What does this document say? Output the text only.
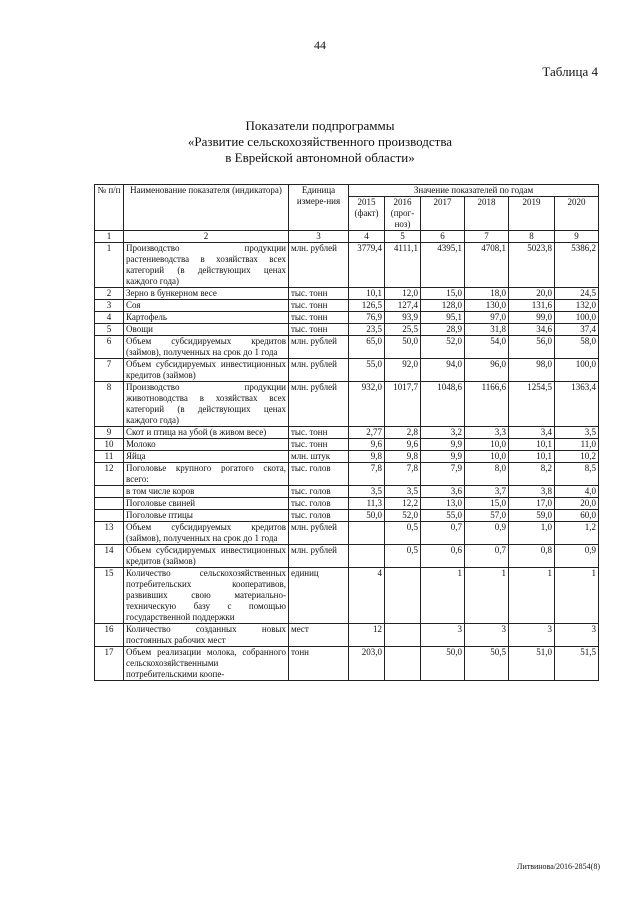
44
Таблица 4
Показатели подпрограммы
«Развитие сельскохозяйственного производства
в Еврейской автономной области»
№ п/п	Наименование показателя (индикатора)	Единица измере-ния	Значение показателей по годам					
			2015 (факт)	2016 (прог-ноз)	2017	2018	2019	2020
1	2	3	4	5	6	7	8	9
1	Производство продукции растениеводства в хозяйствах всех категорий (в действующих ценах каждого года)	млн. рублей	3779,4	4111,1	4395,1	4708,1	5023,8	5386,2
2	Зерно в бункерном весе	тыс. тонн	10,1	12,0	15,0	18,0	20,0	24,5
3	Соя	тыс. тонн	126,5	127,4	128,0	130,0	131,6	132,0
4	Картофель	тыс. тонн	76,9	93,9	95,1	97,0	99,0	100,0
5	Овощи	тыс. тонн	23,5	25,5	28,9	31,8	34,6	37,4
6	Объем субсидируемых кредитов (займов), полученных на срок до 1 года	млн. рублей	65,0	50,0	52,0	54,0	56,0	58,0
7	Объем субсидируемых инвестиционных кредитов (займов)	млн. рублей	55,0	92,0	94,0	96,0	98,0	100,0
8	Производство продукции животноводства в хозяйствах всех категорий (в действующих ценах каждого года)	млн. рублей	932,0	1017,7	1048,6	1166,6	1254,5	1363,4
9	Скот и птица на убой (в живом весе)	тыс. тонн	2,77	2,8	3,2	3,3	3,4	3,5
10	Молоко	тыс. тонн	9,6	9,6	9,9	10,0	10,1	11,0
11	Яйца	млн. штук	9,8	9,8	9,9	10,0	10,1	10,2
12	Поголовье крупного рогатого скота, всего:	тыс. голов	7,8	7,8	7,9	8,0	8,2	8,5
	в том числе коров	тыс. голов	3,5	3,5	3,6	3,7	3,8	4,0
	Поголовье свиней	тыс. голов	11,3	12,2	13,0	15,0	17,0	20,0
	Поголовье птицы	тыс. голов	50,0	52,0	55,0	57,0	59,0	60,0
13	Объем субсидируемых кредитов (займов), полученных на срок до 1 года	млн. рублей		0,5	0,7	0,9	1,0	1,2
14	Объем субсидируемых инвестиционных кредитов (займов)	млн. рублей		0,5	0,6	0,7	0,8	0,9
15	Количество сельскохозяйственных потребительских кооперативов, развивших свою материально-техническую базу с помощью государственной поддержки	единиц	4		1	1	1	1
16	Количество созданных новых постоянных рабочих мест	мест	12		3	3	3	3
17	Объем реализации молока, собранного сельскохозяйственными потребительскими коопе-	тонн	203,0		50,0	50,5	51,0	51,5
Литвинова/2016-2854(8)
